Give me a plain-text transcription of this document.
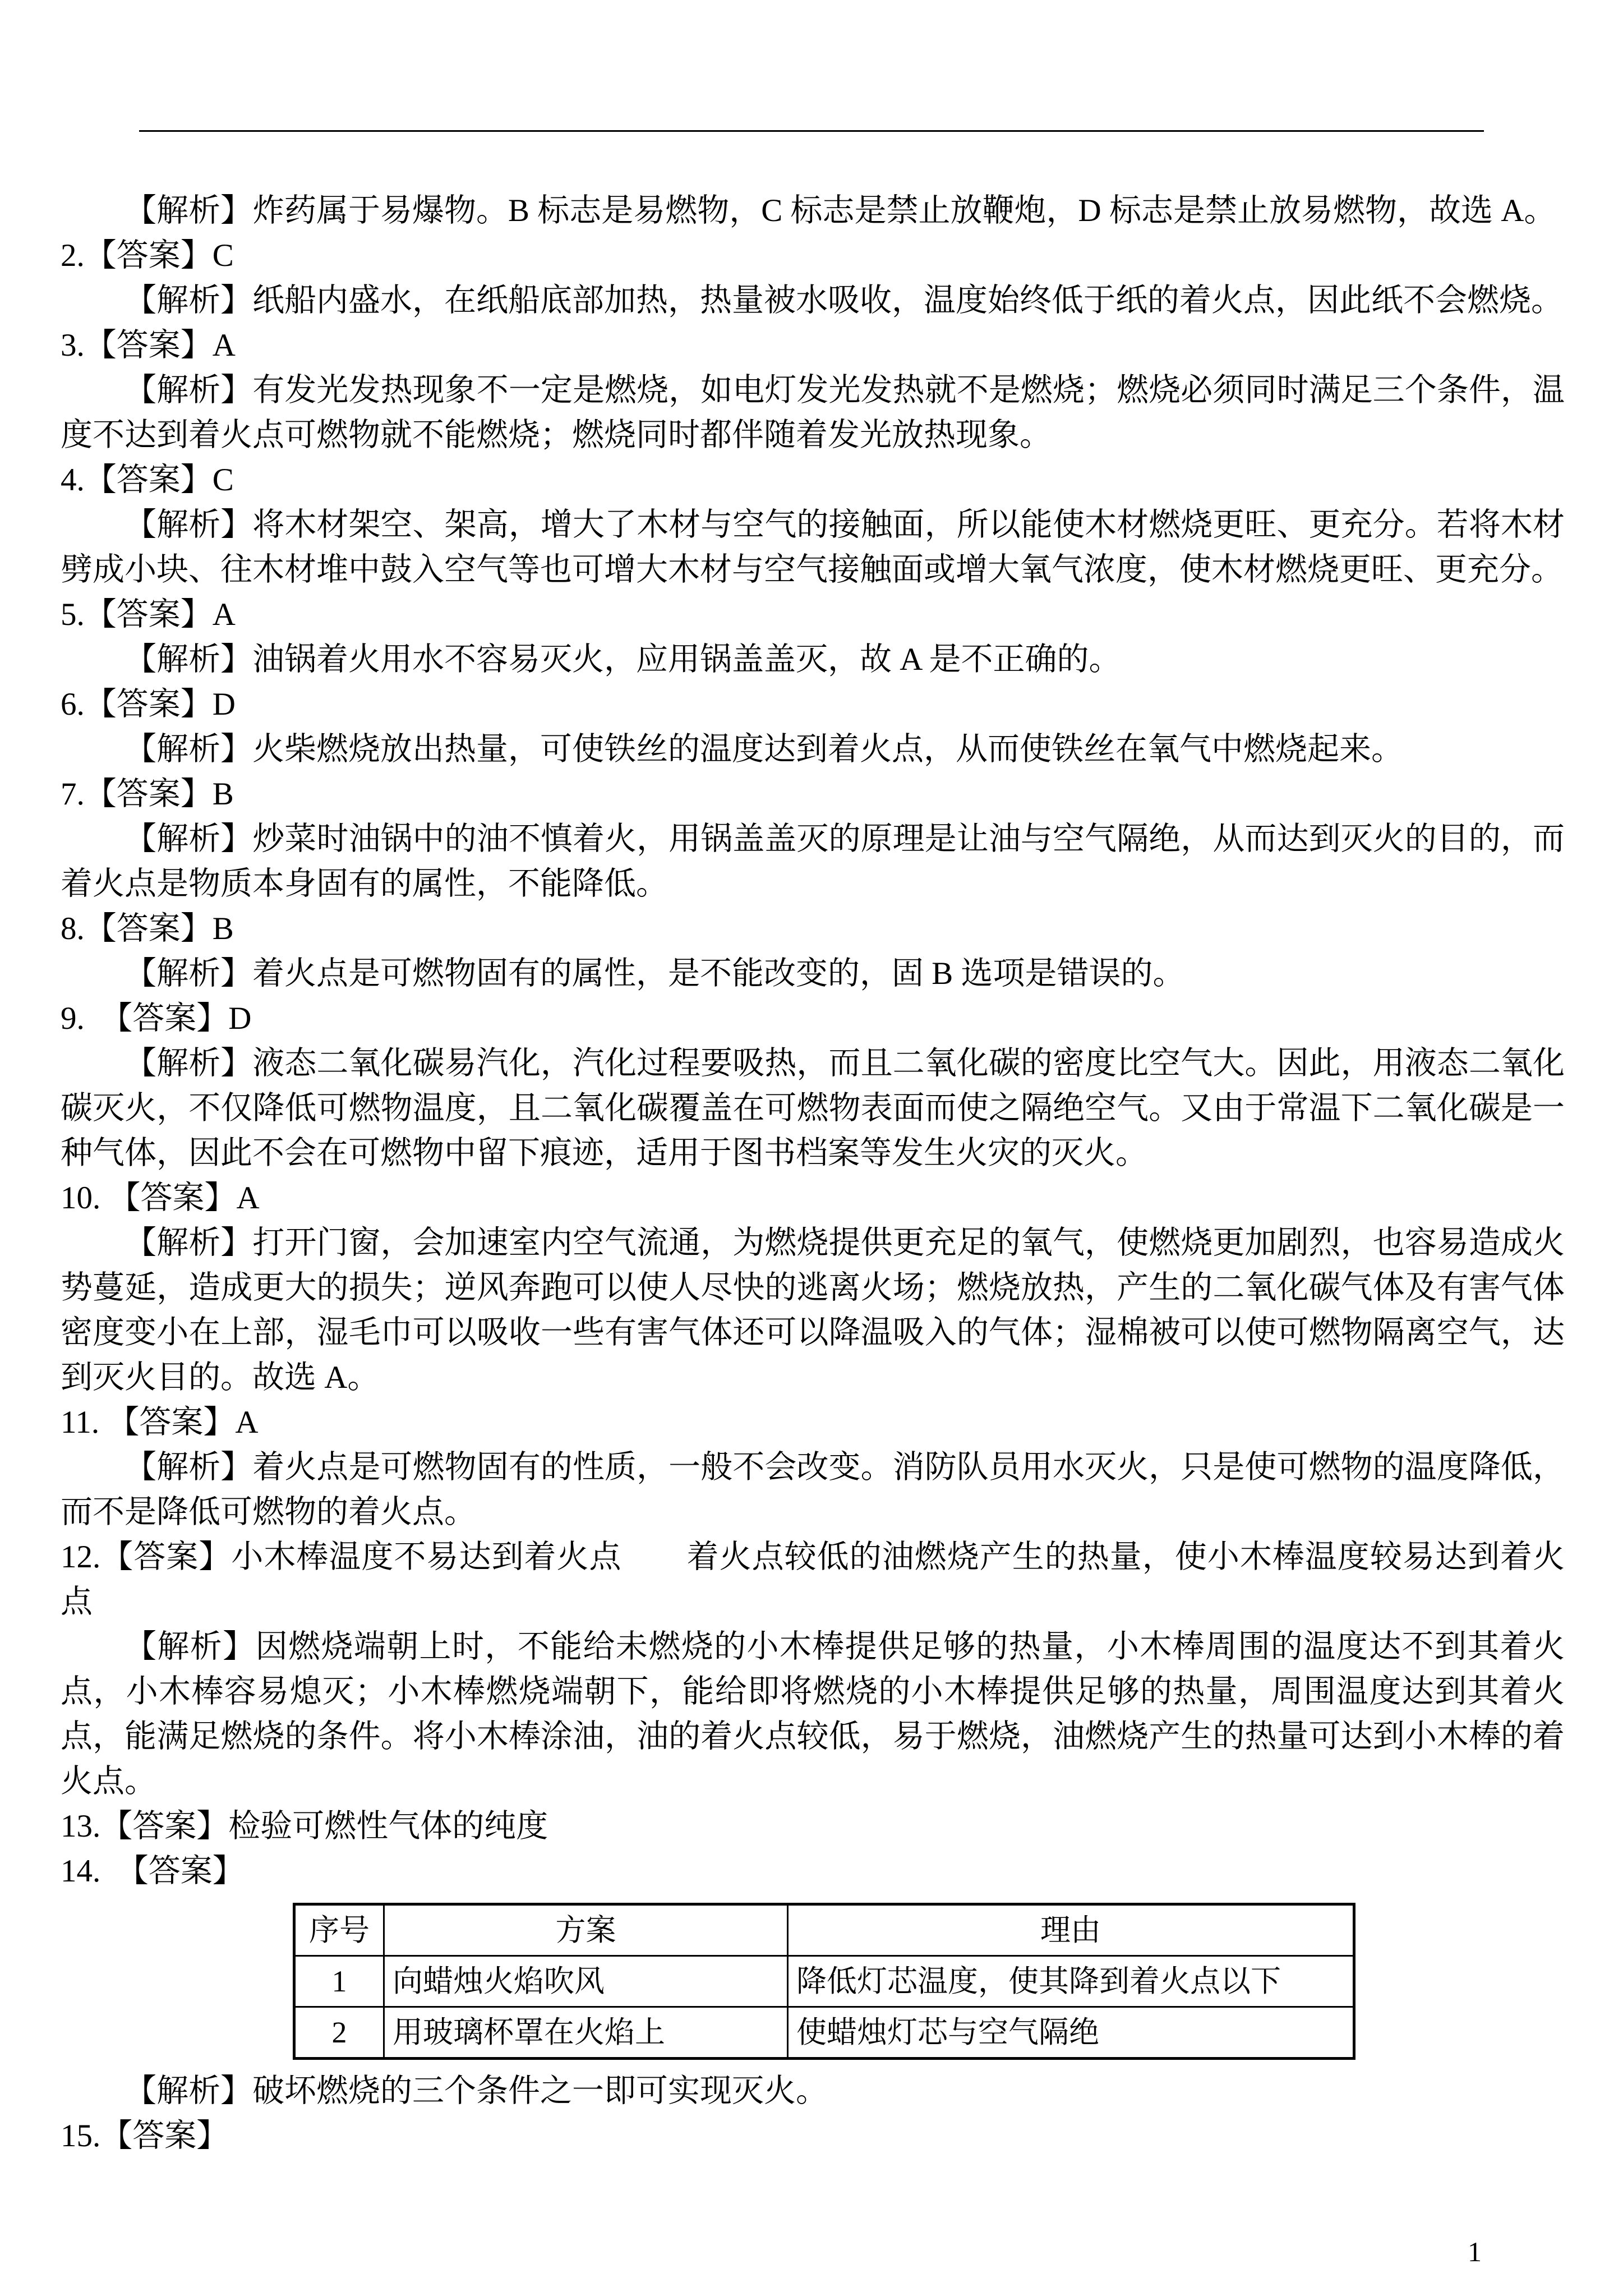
【解析】炸药属于易爆物。B 标志是易燃物，C 标志是禁止放鞭炮，D 标志是禁止放易燃物，故选 A。

2.【答案】C

【解析】纸船内盛水，在纸船底部加热，热量被水吸收，温度始终低于纸的着火点，因此纸不会燃烧。

3.【答案】A

【解析】有发光发热现象不一定是燃烧，如电灯发光发热就不是燃烧；燃烧必须同时满足三个条件，温度不达到着火点可燃物就不能燃烧；燃烧同时都伴随着发光放热现象。

4.【答案】C

【解析】将木材架空、架高，增大了木材与空气的接触面，所以能使木材燃烧更旺、更充分。若将木材劈成小块、往木材堆中鼓入空气等也可增大木材与空气接触面或增大氧气浓度，使木材燃烧更旺、更充分。

5.【答案】A

【解析】油锅着火用水不容易灭火，应用锅盖盖灭，故 A 是不正确的。

6.【答案】D

【解析】火柴燃烧放出热量，可使铁丝的温度达到着火点，从而使铁丝在氧气中燃烧起来。

7.【答案】B

【解析】炒菜时油锅中的油不慎着火，用锅盖盖灭的原理是让油与空气隔绝，从而达到灭火的目的，而着火点是物质本身固有的属性，不能降低。

8.【答案】B

【解析】着火点是可燃物固有的属性，是不能改变的，固 B 选项是错误的。

9.　【答案】D

【解析】液态二氧化碳易汽化，汽化过程要吸热，而且二氧化碳的密度比空气大。因此，用液态二氧化碳灭火，不仅降低可燃物温度，且二氧化碳覆盖在可燃物表面而使之隔绝空气。又由于常温下二氧化碳是一种气体，因此不会在可燃物中留下痕迹，适用于图书档案等发生火灾的灭火。

10. 【答案】A

【解析】打开门窗，会加速室内空气流通，为燃烧提供更充足的氧气，使燃烧更加剧烈，也容易造成火势蔓延，造成更大的损失；逆风奔跑可以使人尽快的逃离火场；燃烧放热，产生的二氧化碳气体及有害气体密度变小在上部，湿毛巾可以吸收一些有害气体还可以降温吸入的气体；湿棉被可以使可燃物隔离空气，达到灭火目的。故选 A。

11. 【答案】A

【解析】着火点是可燃物固有的性质，一般不会改变。消防队员用水灭火，只是使可燃物的温度降低，而不是降低可燃物的着火点。

12.【答案】小木棒温度不易达到着火点　　着火点较低的油燃烧产生的热量，使小木棒温度较易达到着火点

【解析】因燃烧端朝上时，不能给未燃烧的小木棒提供足够的热量，小木棒周围的温度达不到其着火点，小木棒容易熄灭；小木棒燃烧端朝下，能给即将燃烧的小木棒提供足够的热量，周围温度达到其着火点，能满足燃烧的条件。将小木棒涂油，油的着火点较低，易于燃烧，油燃烧产生的热量可达到小木棒的着火点。

13.【答案】检验可燃性气体的纯度

14.　【答案】

序号	方案	理由
1	向蜡烛火焰吹风	降低灯芯温度，使其降到着火点以下
2	用玻璃杯罩在火焰上	使蜡烛灯芯与空气隔绝

【解析】破坏燃烧的三个条件之一即可实现灭火。

15.【答案】

1
